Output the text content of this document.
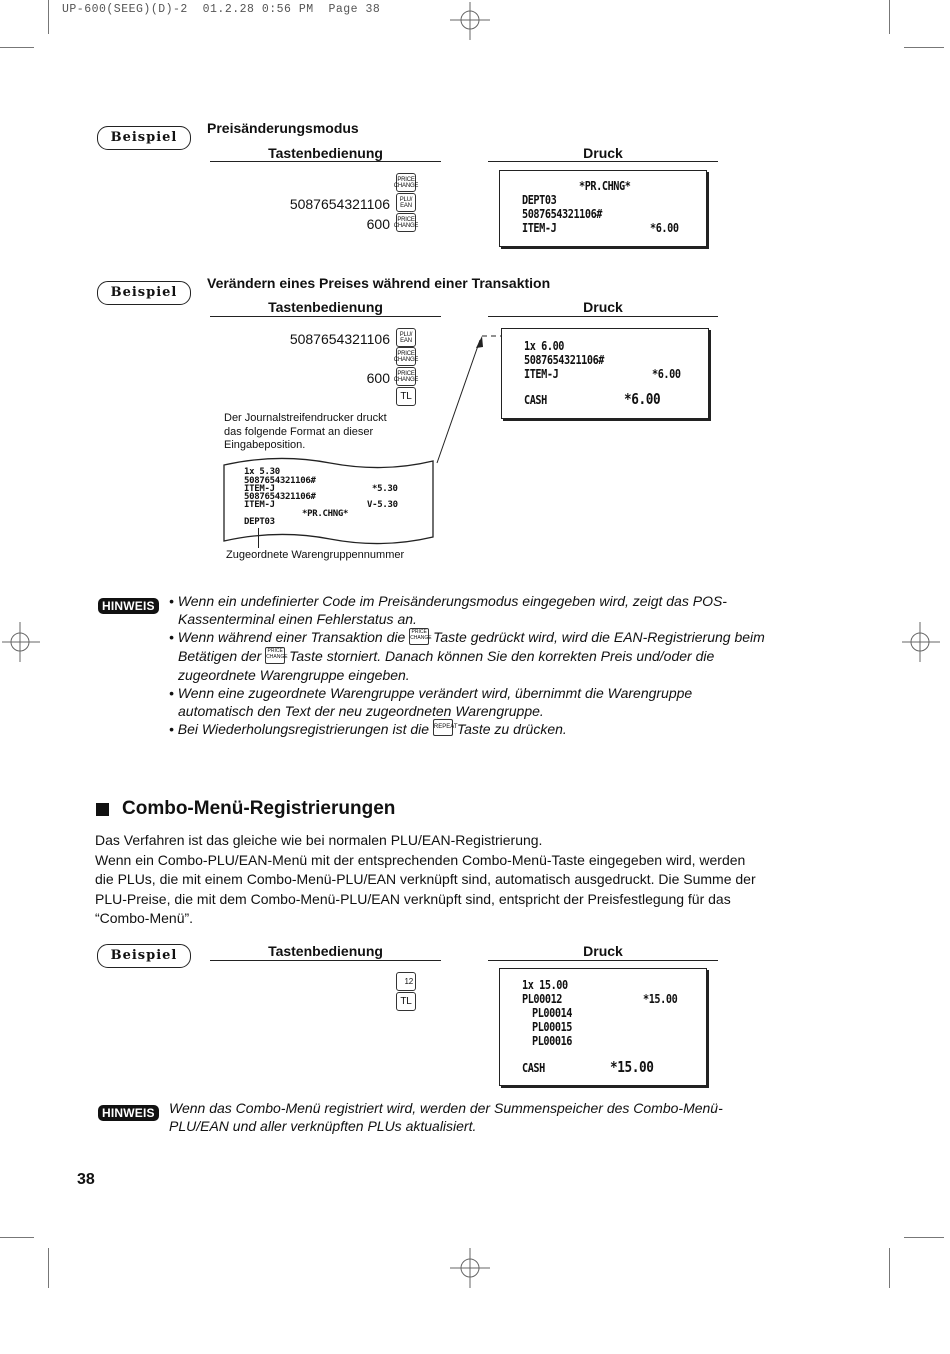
UP-600(SEEG)(D)-2  01.2.28 0:56 PM  Page 38
Beispiel
Preisänderungsmodus
Tastenbedienung	Druck
PRICE CHANGE
5087654321106	PLU/ EAN
600	PRICE CHANGE
*PR.CHNG*
DEPT03
5087654321106#
ITEM-J	*6.00
Beispiel
Verändern eines Preises während einer Transaktion
Tastenbedienung	Druck
5087654321106	PLU/ EAN
PRICE CHANGE
600	PRICE CHANGE
TL
Der Journalstreifendrucker druckt
das folgende Format an dieser
Eingabeposition.
1x 5.30
5087654321106#
ITEM-J	*5.30
5087654321106#
ITEM-J	V-5.30
*PR.CHNG*
DEPT03
Zugeordnete Warengruppennummer
1x 6.00
5087654321106#
ITEM-J	*6.00
CASH	*6.00
HINWEIS • Wenn ein undefinierter Code im Preisänderungsmodus eingegeben wird, zeigt das POS-

Kassenterminal einen Fehlerstatus an.
• Wenn während einer Transaktion die PRICE CHANGE Taste gedrückt wird, wird die EAN-Registrierung beim
Betätigen der PRICE CHANGE Taste storniert. Danach können Sie den korrekten Preis und/oder die
zugeordnete Warengruppe eingeben.
• Wenn eine zugeordnete Warengruppe verändert wird, übernimmt die Warengruppe

automatisch den Text der neu zugeordneten Warengruppe.
• Bei Wiederholungsregistrierungen ist die REPEAT Taste zu drücken.
Combo-Menü-Registrierungen
Das Verfahren ist das gleiche wie bei normalen PLU/EAN-Registrierung.
Wenn ein Combo-PLU/EAN-Menü mit der entsprechenden Combo-Menü-Taste eingegeben wird, werden
die PLUs, die mit einem Combo-Menü-PLU/EAN verknüpft sind, automatisch ausgedruckt. Die Summe der
PLU-Preise, die mit dem Combo-Menü-PLU/EAN verknüpft sind, entspricht der Preisfestlegung für das
“Combo-Menü”.
Beispiel	Tastenbedienung	Druck
12
TL
1x 15.00
PL00012	*15.00
PL00014
PL00015
PL00016
CASH	*15.00
HINWEIS Wenn das Combo-Menü registriert wird, werden der Summenspeicher des Combo-Menü-
PLU/EAN und aller verknüpften PLUs aktualisiert.
38
